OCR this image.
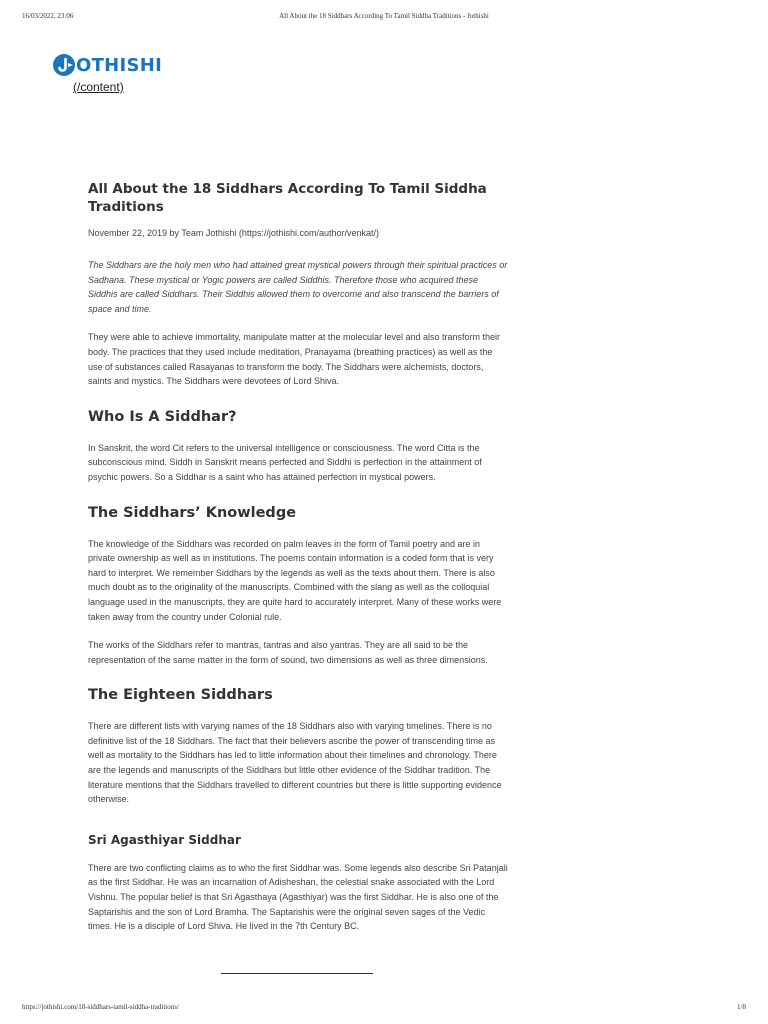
16/03/2022, 23:06	All About the 18 Siddhars According To Tamil Siddha Traditions - Jothishi
OTHISHI
(/content)
All About the 18 Siddhars According To Tamil Siddha Traditions
November 22, 2019 by Team Jothishi (https://jothishi.com/author/venkat/)

The Siddhars are the holy men who had attained great mystical powers through their spiritual practices or Sadhana. These mystical or Yogic powers are called Siddhis. Therefore those who acquired these Siddhis are called Siddhars. Their Siddhis allowed them to overcome and also transcend the barriers of space and time.

They were able to achieve immortality, manipulate matter at the molecular level and also transform their body. The practices that they used include meditation, Pranayama (breathing practices) as well as the use of substances called Rasayanas to transform the body. The Siddhars were alchemists, doctors, saints and mystics. The Siddhars were devotees of Lord Shiva.

Who Is A Siddhar?

In Sanskrit, the word Cit refers to the universal intelligence or consciousness. The word Citta is the subconscious mind. Siddh in Sanskrit means perfected and Siddhi is perfection in the attainment of psychic powers. So a Siddhar is a saint who has attained perfection in mystical powers.

The Siddhars’ Knowledge

The knowledge of the Siddhars was recorded on palm leaves in the form of Tamil poetry and are in private ownership as well as in institutions. The poems contain information is a coded form that is very hard to interpret. We remember Siddhars by the legends as well as the texts about them. There is also much doubt as to the originality of the manuscripts. Combined with the slang as well as the colloquial language used in the manuscripts, they are quite hard to accurately interpret. Many of these works were taken away from the country under Colonial rule.

The works of the Siddhars refer to mantras, tantras and also yantras. They are all said to be the representation of the same matter in the form of sound, two dimensions as well as three dimensions.

The Eighteen Siddhars

There are different lists with varying names of the 18 Siddhars also with varying timelines. There is no definitive list of the 18 Siddhars. The fact that their believers ascribe the power of transcending time as well as mortality to the Siddhars has led to little information about their timelines and chronology. There are the legends and manuscripts of the Siddhars but little other evidence of the Siddhar tradition. The literature mentions that the Siddhars travelled to different countries but there is little supporting evidence otherwise.

Sri Agasthiyar Siddhar

There are two conflicting claims as to who the first Siddhar was. Some legends also describe Sri Patanjali as the first Siddhar. He was an incarnation of Adisheshan, the celestial snake associated with the Lord Vishnu. The popular belief is that Sri Agasthaya (Agasthiyar) was the first Siddhar. He is also one of the Saptarishis and the son of Lord Bramha. The Saptarishis were the original seven sages of the Vedic times. He is a disciple of Lord Shiva. He lived in the 7th Century BC.

https://jothishi.com/18-siddhars-tamil-siddha-traditions/	1/8
